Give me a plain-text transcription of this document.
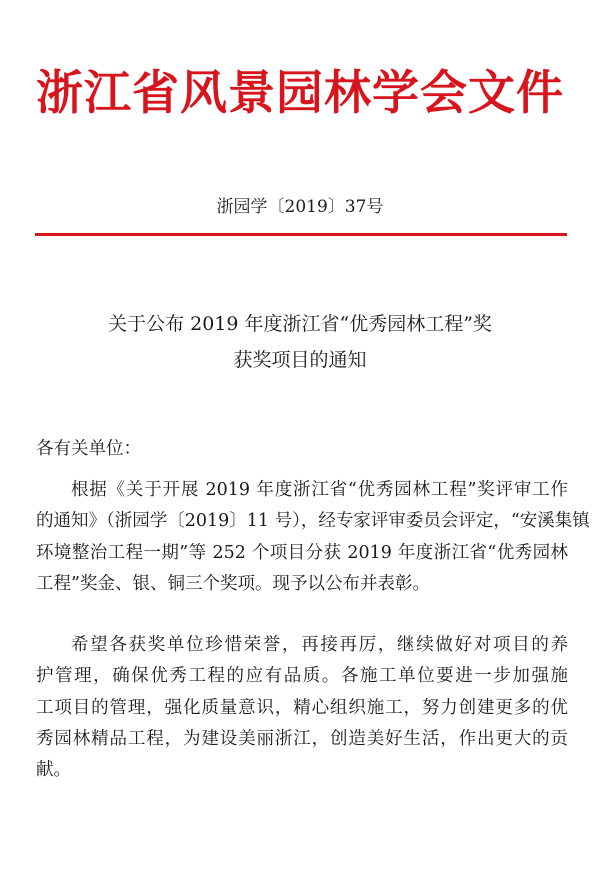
浙江省风景园林学会文件
浙园学〔2019〕37号
关于公布 2019 年度浙江省“优秀园林工程”奖
获奖项目的通知
各有关单位：
根据《关于开展 2019 年度浙江省“优秀园林工程”奖评审工作
的通知》（浙园学〔2019〕11 号），经专家评审委员会评定，“安溪集镇
环境整治工程一期”等 252 个项目分获 2019 年度浙江省“优秀园林
工程”奖金、银、铜三个奖项。现予以公布并表彰。
希望各获奖单位珍惜荣誉，再接再厉，继续做好对项目的养
护管理，确保优秀工程的应有品质。各施工单位要进一步加强施
工项目的管理，强化质量意识，精心组织施工，努力创建更多的优
秀园林精品工程，为建设美丽浙江，创造美好生活，作出更大的贡
献。
